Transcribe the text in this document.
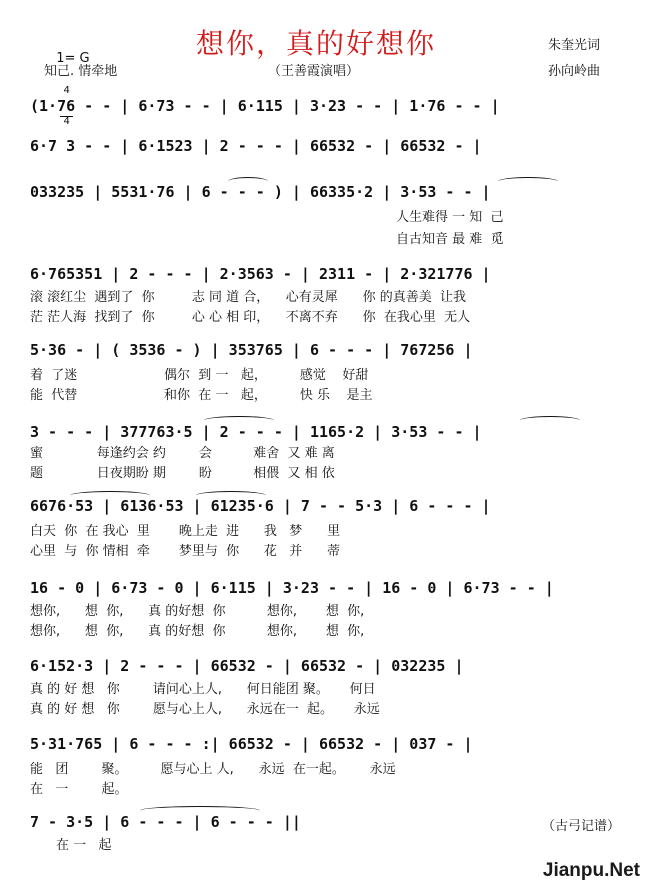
想你，真的好想你

1= G

$\frac{4}{4}$

朱奎光词
孙向岭曲
知己. 情牵地	（王善霞演唱）
(1·76 - - | 6·73 - - | 6·115 | 3·23 - - | 1·76 - - |
6·7 3 - - | 6·1523 | 2 - - - | 66532 - | 66532 - |
033235 | 5531·76 | 6 - - - ) | 66335·2 | 3·53 - - |
6·765351 | 2 - - - | 2·3563 - | 2311 - | 2·321776 |
5·36 - | ( 3536 - ) | 353765 | 6 - - - | 767256 |
3 - - - | 377763·5 | 2 - - - | 1165·2 | 3·53 - - |
6676·53 | 6136·53 | 61235·6 | 7 - - 5·3 | 6 - - - |
16 - 0 | 6·73 - 0 | 6·115 | 3·23 - - | 16 - 0 | 6·73 - - |
6·152·3 | 2 - - - | 66532 - | 66532 - | 032235 |
5·31·765 | 6 - - - :| 66532 - | 66532 - | 037 - |
7 - 3·5 | 6 - - - | 6 - - - ||
人生难得 一 知  己
自古知音 最 难  觅
滚 滚红尘  遇到了  你         志 同 道 合，    心有灵犀      你 的真善美  让我
茫 茫人海  找到了  你         心 心 相 印，    不离不弃      你  在我心里  无人
着  了迷                     偶尔  到 一   起，        感觉    好甜
能  代替                     和你  在 一   起，        快 乐    是主
蜜             每逢约会 约        会          难舍  又 难 离
题             日夜期盼 期        盼          相偎  又 相 依
白天  你  在 我心  里       晚上走  进      我   梦      里
心里  与  你 情相  牵       梦里与  你      花   并      蒂
想你,      想  你,      真 的好想  你          想你,       想  你,
想你,      想  你,      真 的好想  你          想你,       想  你,
真 的 好 想   你        请问心上人,      何日能团 聚。     何日
真 的 好 想   你        愿与心上人,      永远在一  起。     永远
能   团        聚。        愿与心上 人,      永远  在一起。      永远
在   一        起。
在 一   起
（古弓记谱）
Jianpu.Net
